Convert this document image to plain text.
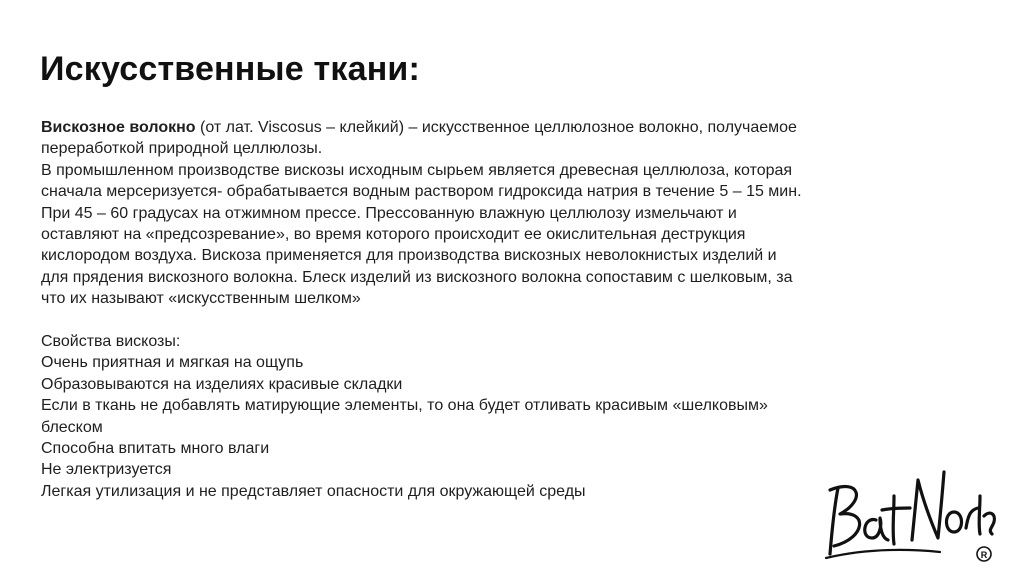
Искусственные ткани:

Вискозное волокно (от лат. Viscosus – клейкий) – искусственное целлюлозное волокно, получаемое

переработкой природной целлюлозы.

В промышленном производстве вискозы исходным сырьем является древесная целлюлоза, которая

сначала мерсеризуется- обрабатывается водным раствором гидроксида натрия в течение 5 – 15 мин.

При 45 – 60 градусах на отжимном прессе. Прессованную влажную целлюлозу измельчают и

оставляют на «предсозревание», во время которого происходит ее окислительная деструкция

кислородом воздуха. Вискоза применяется для производства вискозных неволокнистых изделий и

для прядения вискозного волокна. Блеск изделий из вискозного волокна сопоставим с шелковым, за

что их называют «искусственным шелком»

Свойства вискозы:

Очень приятная и мягкая на ощупь

Образовываются на изделиях красивые складки

Если в ткань не добавлять матирующие элементы, то она будет отливать красивым «шелковым»

блеском

Способна впитать много влаги

Не электризуется

Легкая утилизация и не представляет опасности для окружающей среды

R
